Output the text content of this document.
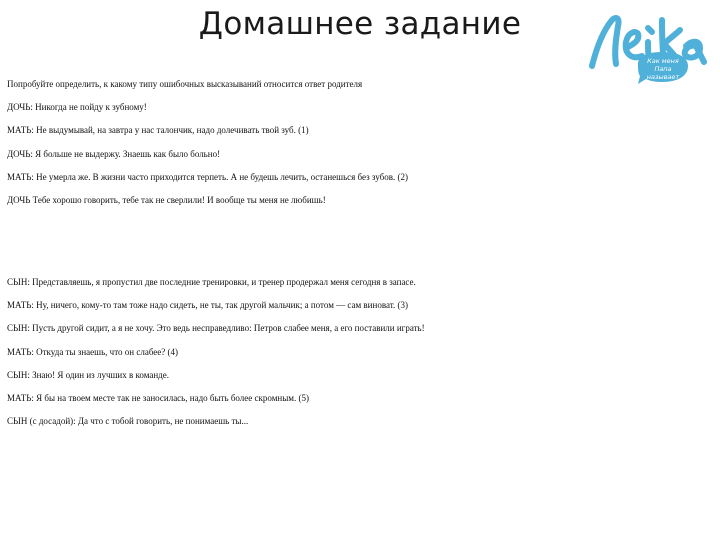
Домашнее задание
Как меня
Папа
называет
Попробуйте определить, к какому типу ошибочных высказываний относится ответ родителя
ДОЧЬ: Никогда не пойду к зубному!
МАТЬ: Не выдумывай, на завтра у нас талончик, надо долечивать твой зуб. (1)
ДОЧЬ: Я больше не выдержу. Знаешь как было больно!
МАТЬ: Не умерла же. В жизни часто приходится терпеть. А не будешь лечить, останешься без зубов. (2)
ДОЧЬ Тебе хорошо говорить, тебе так не сверлили! И вообще ты меня не любишь!
СЫН: Представляешь, я пропустил две последние тренировки, и тренер продержал меня сегодня в запасе.
МАТЬ: Ну, ничего, кому-то там тоже надо сидеть, не ты, так другой мальчик; а потом — сам виноват. (3)
СЫН: Пусть другой сидит, а я не хочу. Это ведь несправедливо: Петров слабее меня, а его поставили играть!
МАТЬ: Откуда ты знаешь, что он слабее? (4)
СЫН: Знаю! Я один из лучших в команде.
МАТЬ: Я бы на твоем месте так не заносилась, надо быть более скромным. (5)
СЫН (с досадой): Да что с тобой говорить, не понимаешь ты...
